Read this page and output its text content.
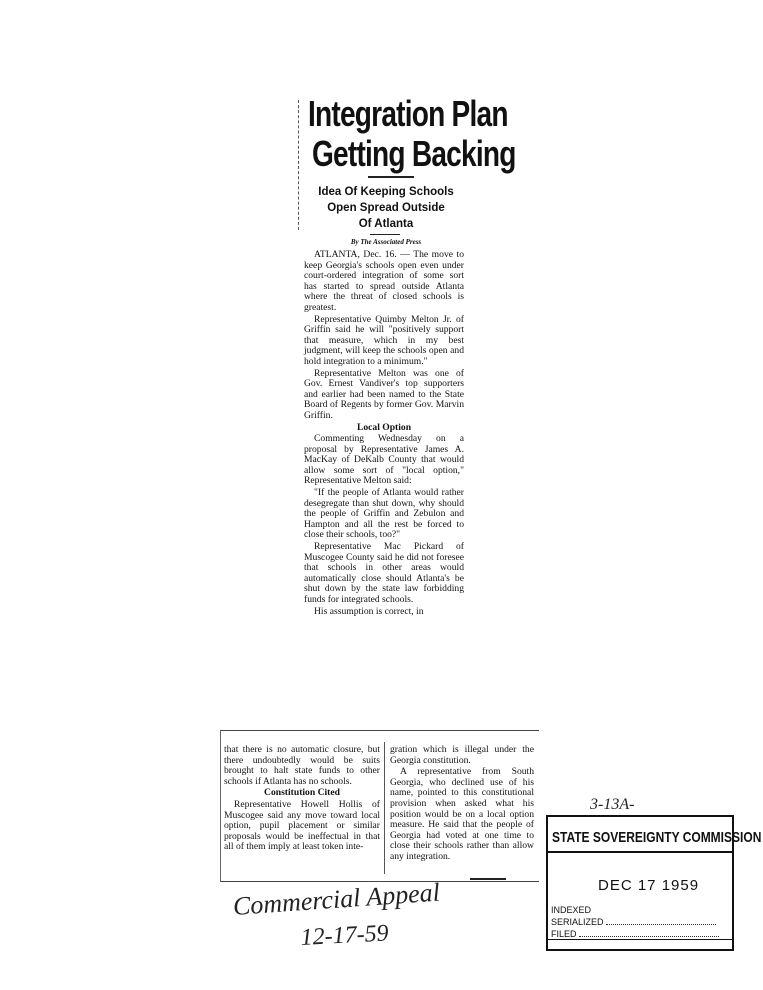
Integration Plan
Getting Backing
Idea Of Keeping Schools
Open Spread Outside
Of Atlanta
By The Associated Press

ATLANTA, Dec. 16. — The move to keep Georgia's schools open even under court-ordered integration of some sort has started to spread outside Atlanta where the threat of closed schools is greatest.

Representative Quimby Melton Jr. of Griffin said he will "positively support that measure, which in my best judgment, will keep the schools open and hold integration to a minimum."

Representative Melton was one of Gov. Ernest Vandiver's top supporters and earlier had been named to the State Board of Regents by former Gov. Marvin Griffin.

Local Option

Commenting Wednesday on a proposal by Representative James A. MacKay of DeKalb County that would allow some sort of "local option," Representative Melton said:

"If the people of Atlanta would rather desegregate than shut down, why should the people of Griffin and Zebulon and Hampton and all the rest be forced to close their schools, too?"

Representative Mac Pickard of Muscogee County said he did not foresee that schools in other areas would automatically close should Atlanta's be shut down by the state law forbidding funds for integrated schools.

His assumption is correct, in

that there is no automatic closure, but there undoubtedly would be suits brought to halt state funds to other schools if Atlanta has no schools.

Constitution Cited

Representative Howell Hollis of Muscogee said any move toward local option, pupil placement or similar proposals would be ineffectual in that all of them imply at least token inte-

gration which is illegal under the Georgia constitution.

A representative from South Georgia, who declined use of his name, pointed to this constitutional provision when asked what his position would be on a local option measure. He said that the people of Georgia had voted at one time to close their schools rather than allow any integration.

Commercial Appeal
12-17-59
3-13A-
STATE SOVEREIGNTY COMMISSION
DEC 17 1959
INDEXED
SERIALIZED
FILED
